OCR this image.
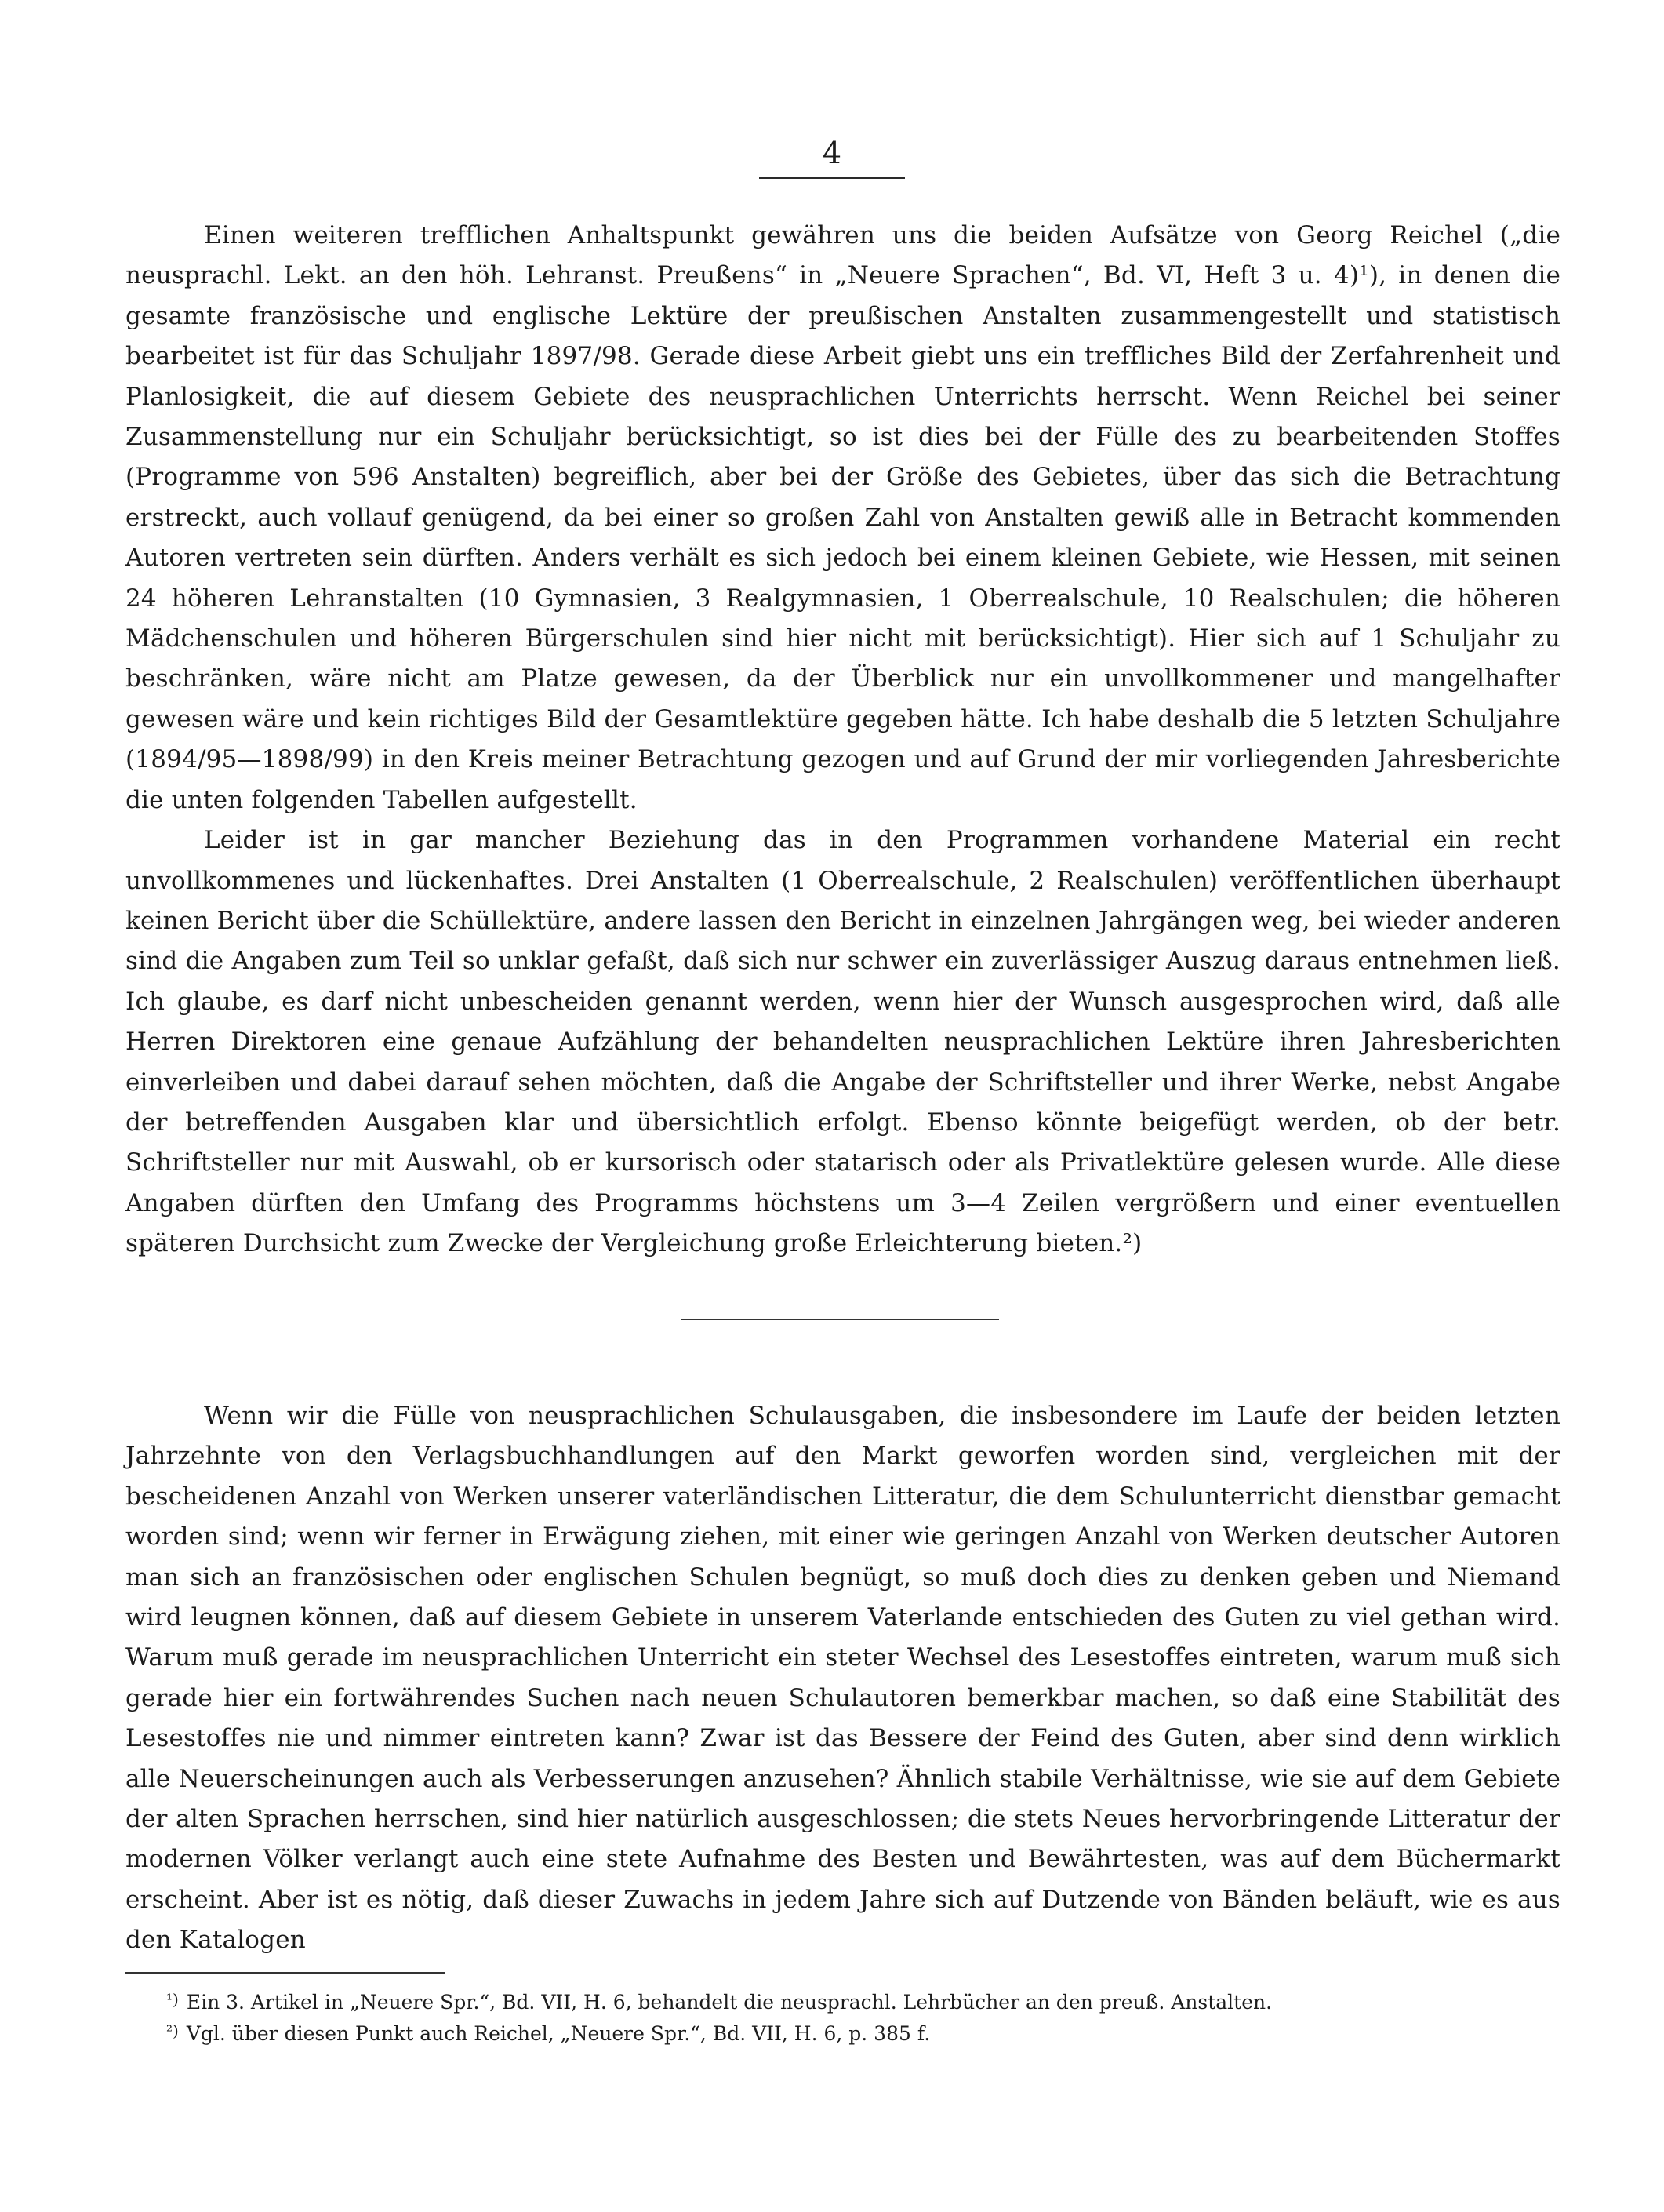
4

Einen weiteren trefflichen Anhaltspunkt gewähren uns die beiden Aufsätze von Georg Reichel („die neusprachl. Lekt. an den höh. Lehranst. Preußens“ in „Neuere Sprachen“, Bd. VI, Heft 3 u. 4)¹), in denen die gesamte französische und englische Lektüre der preußischen Anstalten zusammengestellt und statistisch bearbeitet ist für das Schuljahr 1897/98. Gerade diese Arbeit giebt uns ein treffliches Bild der Zerfahrenheit und Planlosigkeit, die auf diesem Gebiete des neusprachlichen Unterrichts herrscht. Wenn Reichel bei seiner Zusammenstellung nur ein Schuljahr berücksichtigt, so ist dies bei der Fülle des zu bearbeitenden Stoffes (Programme von 596 Anstalten) begreiflich, aber bei der Größe des Gebietes, über das sich die Betrachtung erstreckt, auch vollauf genügend, da bei einer so großen Zahl von Anstalten gewiß alle in Betracht kommenden Autoren vertreten sein dürften. Anders verhält es sich jedoch bei einem kleinen Gebiete, wie Hessen, mit seinen 24 höheren Lehranstalten (10 Gymnasien, 3 Realgymnasien, 1 Oberrealschule, 10 Realschulen; die höheren Mädchenschulen und höheren Bürgerschulen sind hier nicht mit berücksichtigt). Hier sich auf 1 Schuljahr zu beschränken, wäre nicht am Platze gewesen, da der Überblick nur ein unvollkommener und mangelhafter gewesen wäre und kein richtiges Bild der Gesamtlektüre gegeben hätte. Ich habe deshalb die 5 letzten Schuljahre (1894/95—1898/99) in den Kreis meiner Betrachtung gezogen und auf Grund der mir vorliegenden Jahresberichte die unten folgenden Tabellen aufgestellt.

Leider ist in gar mancher Beziehung das in den Programmen vorhandene Material ein recht unvollkommenes und lückenhaftes. Drei Anstalten (1 Oberrealschule, 2 Realschulen) veröffentlichen überhaupt keinen Bericht über die Schüllektüre, andere lassen den Bericht in einzelnen Jahrgängen weg, bei wieder anderen sind die Angaben zum Teil so unklar gefaßt, daß sich nur schwer ein zuverlässiger Auszug daraus entnehmen ließ. Ich glaube, es darf nicht unbescheiden genannt werden, wenn hier der Wunsch ausgesprochen wird, daß alle Herren Direktoren eine genaue Aufzählung der behandelten neusprachlichen Lektüre ihren Jahresberichten einverleiben und dabei darauf sehen möchten, daß die Angabe der Schriftsteller und ihrer Werke, nebst Angabe der betreffenden Ausgaben klar und übersichtlich erfolgt. Ebenso könnte beigefügt werden, ob der betr. Schriftsteller nur mit Auswahl, ob er kursorisch oder statarisch oder als Privatlektüre gelesen wurde. Alle diese Angaben dürften den Umfang des Programms höchstens um 3—4 Zeilen vergrößern und einer eventuellen späteren Durchsicht zum Zwecke der Vergleichung große Erleichterung bieten.²)

Wenn wir die Fülle von neusprachlichen Schulausgaben, die insbesondere im Laufe der beiden letzten Jahrzehnte von den Verlagsbuchhandlungen auf den Markt geworfen worden sind, vergleichen mit der bescheidenen Anzahl von Werken unserer vaterländischen Litteratur, die dem Schulunterricht dienstbar gemacht worden sind; wenn wir ferner in Erwägung ziehen, mit einer wie geringen Anzahl von Werken deutscher Autoren man sich an französischen oder englischen Schulen begnügt, so muß doch dies zu denken geben und Niemand wird leugnen können, daß auf diesem Gebiete in unserem Vaterlande entschieden des Guten zu viel gethan wird. Warum muß gerade im neusprachlichen Unterricht ein steter Wechsel des Lesestoffes eintreten, warum muß sich gerade hier ein fortwährendes Suchen nach neuen Schulautoren bemerkbar machen, so daß eine Stabilität des Lesestoffes nie und nimmer eintreten kann? Zwar ist das Bessere der Feind des Guten, aber sind denn wirklich alle Neuerscheinungen auch als Verbesserungen anzusehen? Ähnlich stabile Verhältnisse, wie sie auf dem Gebiete der alten Sprachen herrschen, sind hier natürlich ausgeschlossen; die stets Neues hervorbringende Litteratur der modernen Völker verlangt auch eine stete Aufnahme des Besten und Bewährtesten, was auf dem Büchermarkt erscheint. Aber ist es nötig, daß dieser Zuwachs in jedem Jahre sich auf Dutzende von Bänden beläuft, wie es aus den Katalogen

¹) Ein 3. Artikel in „Neuere Spr.“, Bd. VII, H. 6, behandelt die neusprachl. Lehrbücher an den preuß. Anstalten.

²) Vgl. über diesen Punkt auch Reichel, „Neuere Spr.“, Bd. VII, H. 6, p. 385 f.
